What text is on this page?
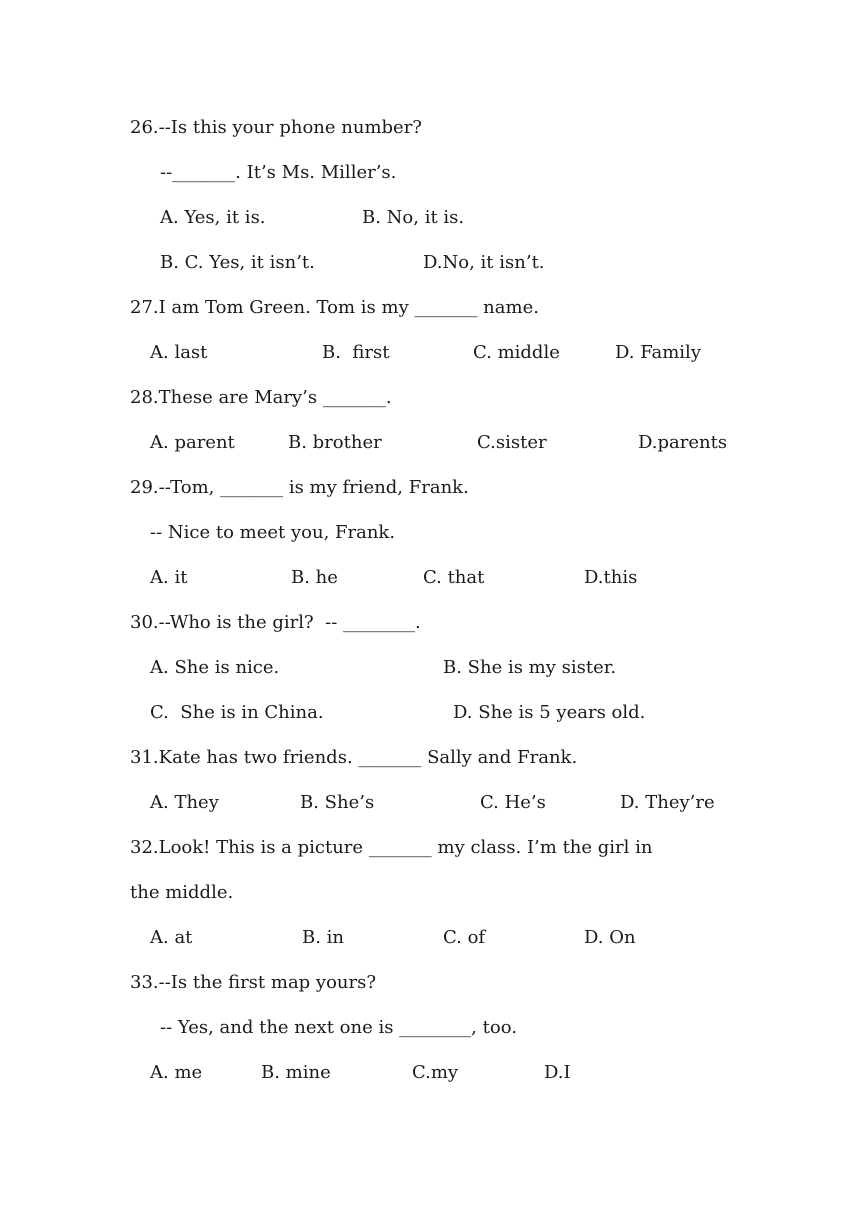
26.--Is this your phone number?
--_______. It’s Ms. Miller’s.
A. Yes, it is.	B. No, it is.
B. C. Yes, it isn’t.	D.No, it isn’t.
27.I am Tom Green. Tom is my _______ name.
A. last	B.  first	C. middle	D. Family
28.These are Mary’s _______.
A. parent	B. brother	C.sister	D.parents
29.--Tom, _______ is my friend, Frank.
-- Nice to meet you, Frank.
A. it	B. he	C. that	D.this
30.--Who is the girl?  -- ________.
A. She is nice.	B. She is my sister.
C.  She is in China.	D. She is 5 years old.
31.Kate has two friends. _______ Sally and Frank.
A. They	B. She’s	C. He’s	D. They’re
32.Look! This is a picture _______ my class. I’m the girl in
the middle.
A. at	B. in	C. of	D. On
33.--Is the first map yours?
-- Yes, and the next one is ________, too.
A. me	B. mine	C.my	D.I
